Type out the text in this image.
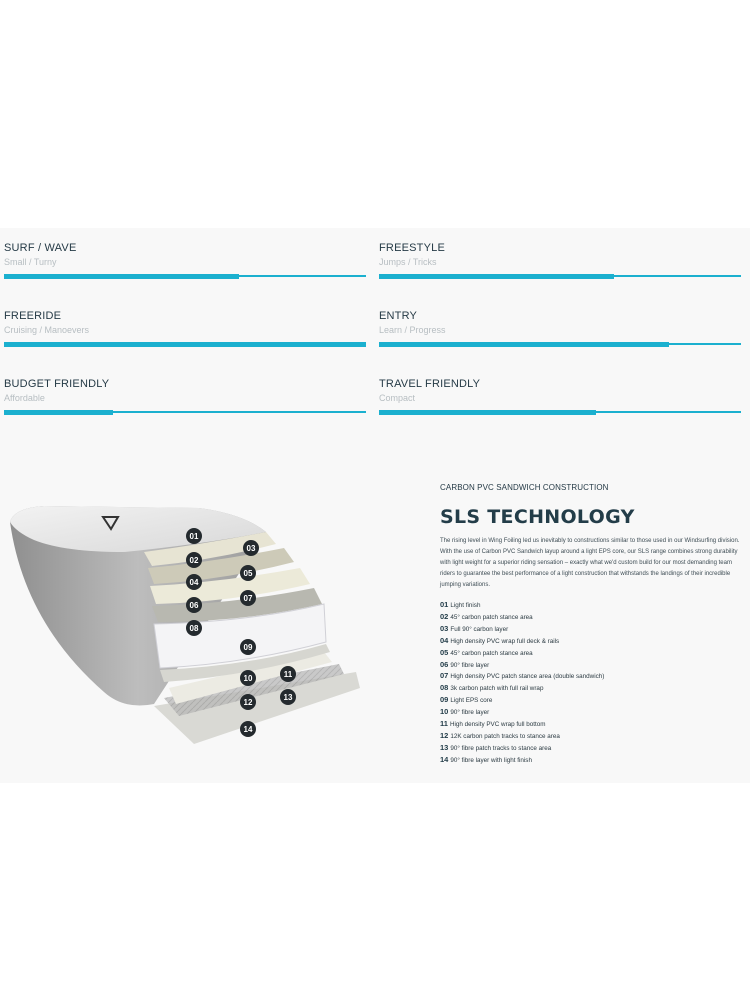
SURF / WAVE
Small / Turny
FREESTYLE
Jumps / Tricks
FREERIDE
Cruising / Manoevers
ENTRY
Learn / Progress
BUDGET FRIENDLY
Affordable
TRAVEL FRIENDLY
Compact
01
02
03
04
05
06
07
08
09
10	11
12
13
14
CARBON PVC SANDWICH CONSTRUCTION
SLS TECHNOLOGY
The rising level in Wing Foiling led us inevitably to constructions similar to those used in our Windsurfing division. With the use of Carbon PVC Sandwich layup around a light EPS core, our SLS range combines strong durability with light weight for a superior riding sensation – exactly what we'd custom build for our most demanding team riders to guarantee the best performance of a light construction that withstands the landings of their incredible jumping variations.
01 Light finish
02 45° carbon patch stance area
03 Full 90° carbon layer
04 High density PVC wrap full deck & rails
05 45° carbon patch stance area
06 90° fibre layer
07 High density PVC patch stance area (double sandwich)
08 3k carbon patch with full rail wrap
09 Light EPS core
10 90° fibre layer
11 High density PVC wrap full bottom
12 12K carbon patch tracks to stance area
13 90° fibre patch tracks to stance area
14 90° fibre layer with light finish
